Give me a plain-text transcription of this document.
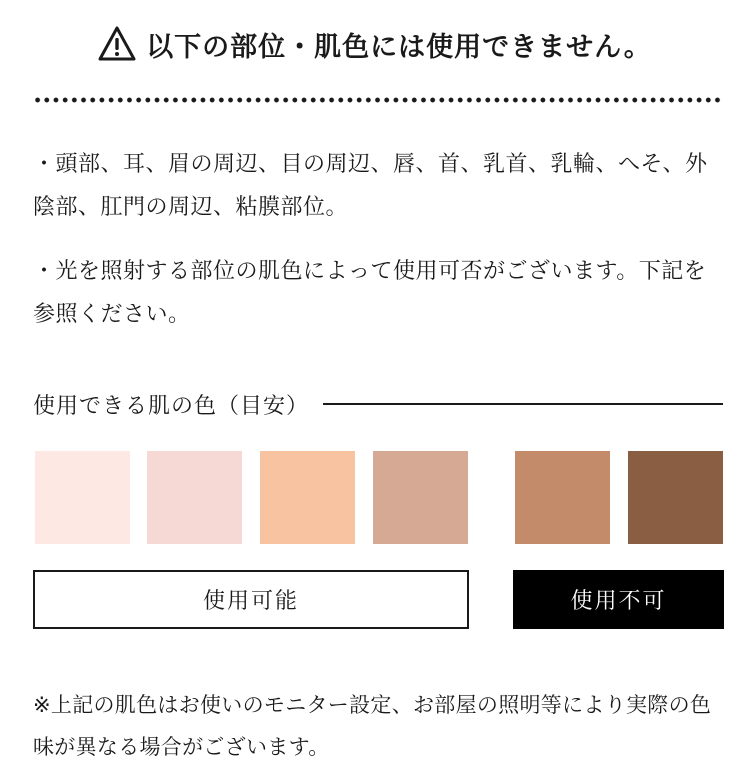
以下の部位・肌色には使用できません。

・頭部、耳、眉の周辺、目の周辺、唇、首、乳首、乳輪、へそ、外陰部、肛門の周辺、粘膜部位。

・光を照射する部位の肌色によって使用可否がございます。下記を参照ください。

使用できる肌の色（目安）
使用可能	使用不可

※上記の肌色はお使いのモニター設定、お部屋の照明等により実際の色味が異なる場合がございます。
